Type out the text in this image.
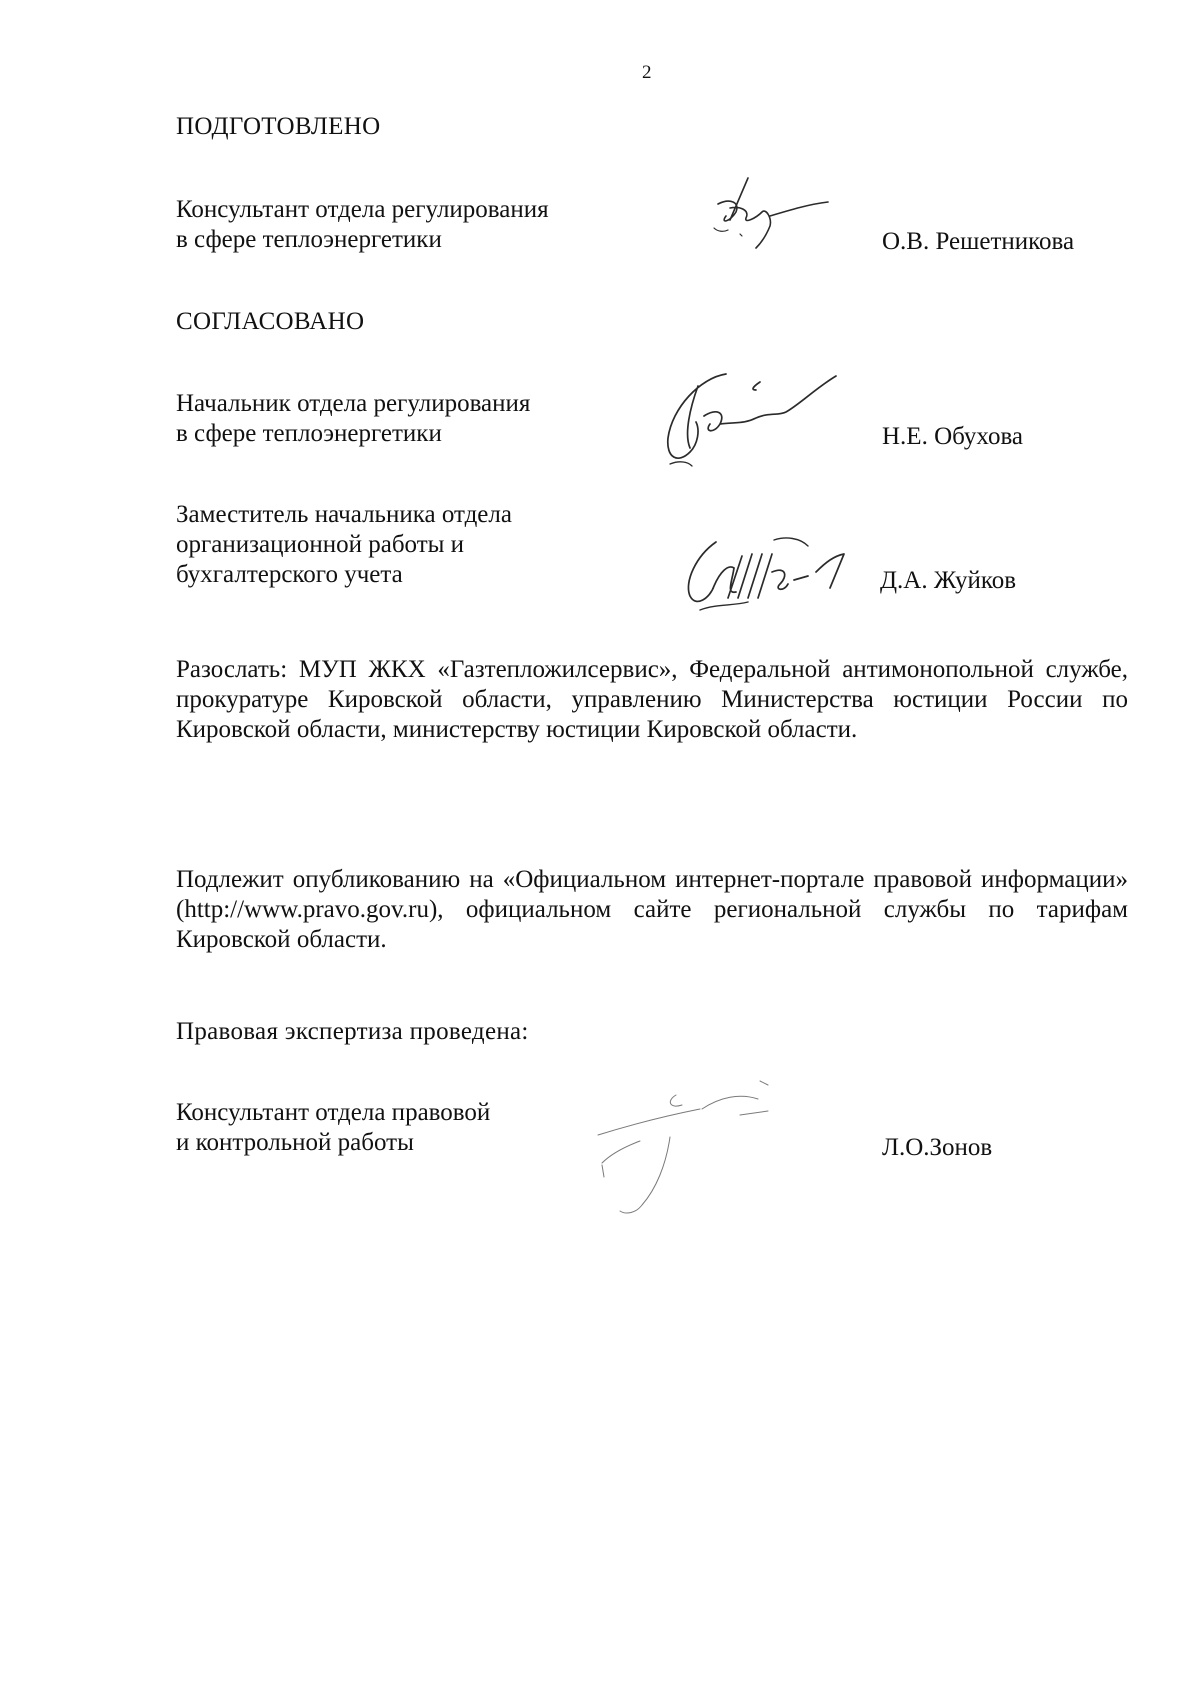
2
ПОДГОТОВЛЕНО
Консультант отдела регулирования
в сфере теплоэнергетики	О.В. Решетникова
СОГЛАСОВАНО
Начальник отдела регулирования
в сфере теплоэнергетики	Н.Е. Обухова
Заместитель начальника отдела
организационной работы и
бухгалтерского учета	Д.А. Жуйков
Разослать: МУП ЖКХ «Газтепложилсервис», Федеральной антимонопольной службе, прокуратуре Кировской области, управлению Министерства юстиции России по Кировской области, министерству юстиции Кировской области.
Подлежит опубликованию на «Официальном интернет-портале правовой информации» (http://www.pravo.gov.ru), официальном сайте региональной службы по тарифам Кировской области.
Правовая экспертиза проведена:
Консультант отдела правовой
и контрольной работы	Л.О.Зонов
